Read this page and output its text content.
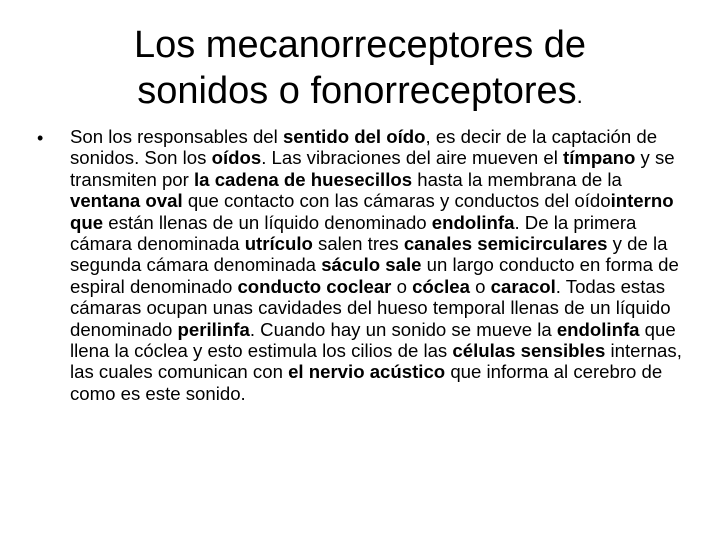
Los mecanorreceptores de
sonidos o fonorreceptores.
• Son los responsables del sentido del oído, es decir de la captación de sonidos. Son los oídos. Las vibraciones del aire mueven el tímpano y se transmiten por la cadena de huesecillos hasta la membrana de la ventana oval que contacto con las cámaras y conductos del oídointerno que están llenas de un líquido denominado endolinfa. De la primera cámara denominada utrículo salen tres canales semicirculares y de la segunda cámara denominada sáculo sale un largo conducto en forma de espiral denominado conducto coclear o cóclea o caracol. Todas estas cámaras ocupan unas cavidades del hueso temporal llenas de un líquido denominado perilinfa. Cuando hay un sonido se mueve la endolinfa que llena la cóclea y esto estimula los cilios de las células sensibles internas, las cuales comunican con el nervio acústico que informa al cerebro de como es este sonido.
